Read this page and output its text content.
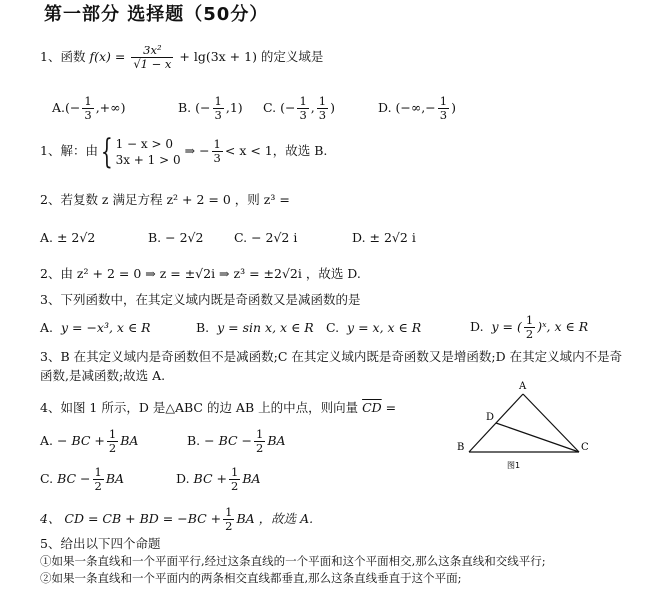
第一部分 选择题（50分）
1、函数 $f(x) = \frac{\text{3x²}}{√1 - x} + \lg(3x + 1)$ 的定义域是
$A.(- \frac{1}{3}$ ,+∞)	B. (− $\frac{1}{3} ,1$) C. (− $\frac{1}{3}$ , $\frac{1}{3}$ )	D. (−∞,− $\frac{1}{3}$ )
1、解：由{ 1 − x > 0
3x + 1 > 0
⇒ − $\frac{1}{3} < x < 1$，故选 B.
2、若复数 z 满足方程 z² + 2 = 0 ，则 z³ =
A. ± 2√2	B. − 2√2 C. − 2√2 i	D. ± 2√2 i
2、由 z² + 2 = 0 ⇒ z = ±√2i ⇒ z³ = ±2√2i ，故选 D.
3、下列函数中，在其定义域内既是奇函数又是减函数的是
A. y = −x³, x ∈ R	B. y = sin x, x ∈ R C. y = x, x ∈ R	D. y = ( $\frac{1}{2}$ )ˣ, x ∈ R
3、B 在其定义域内是奇函数但不是减函数;C 在其定义域内既是奇函数又是增函数;D 在其定义域内不是奇
函数,是减函数;故选 A.
4、如图 1 所示，D 是△ABC 的边 AB 上的中点，则向量 $\overline{CD}$ =
A. − BC + $\frac{1}{2}$ BA	B. − BC − $\frac{1}{2}$ BA
C. BC − $\frac{1}{2}$ BA	D. BC + $\frac{1}{2}$ BA
A
B	C
D
图1
4、 CD = CB + BD = $-BC + \frac{1}{2}$ BA ，故选 A.
5、给出以下四个命题
①如果一条直线和一个平面平行,经过这条直线的一个平面和这个平面相交,那么这条直线和交线平行;
②如果一条直线和一个平面内的两条相交直线都垂直,那么这条直线垂直于这个平面;
